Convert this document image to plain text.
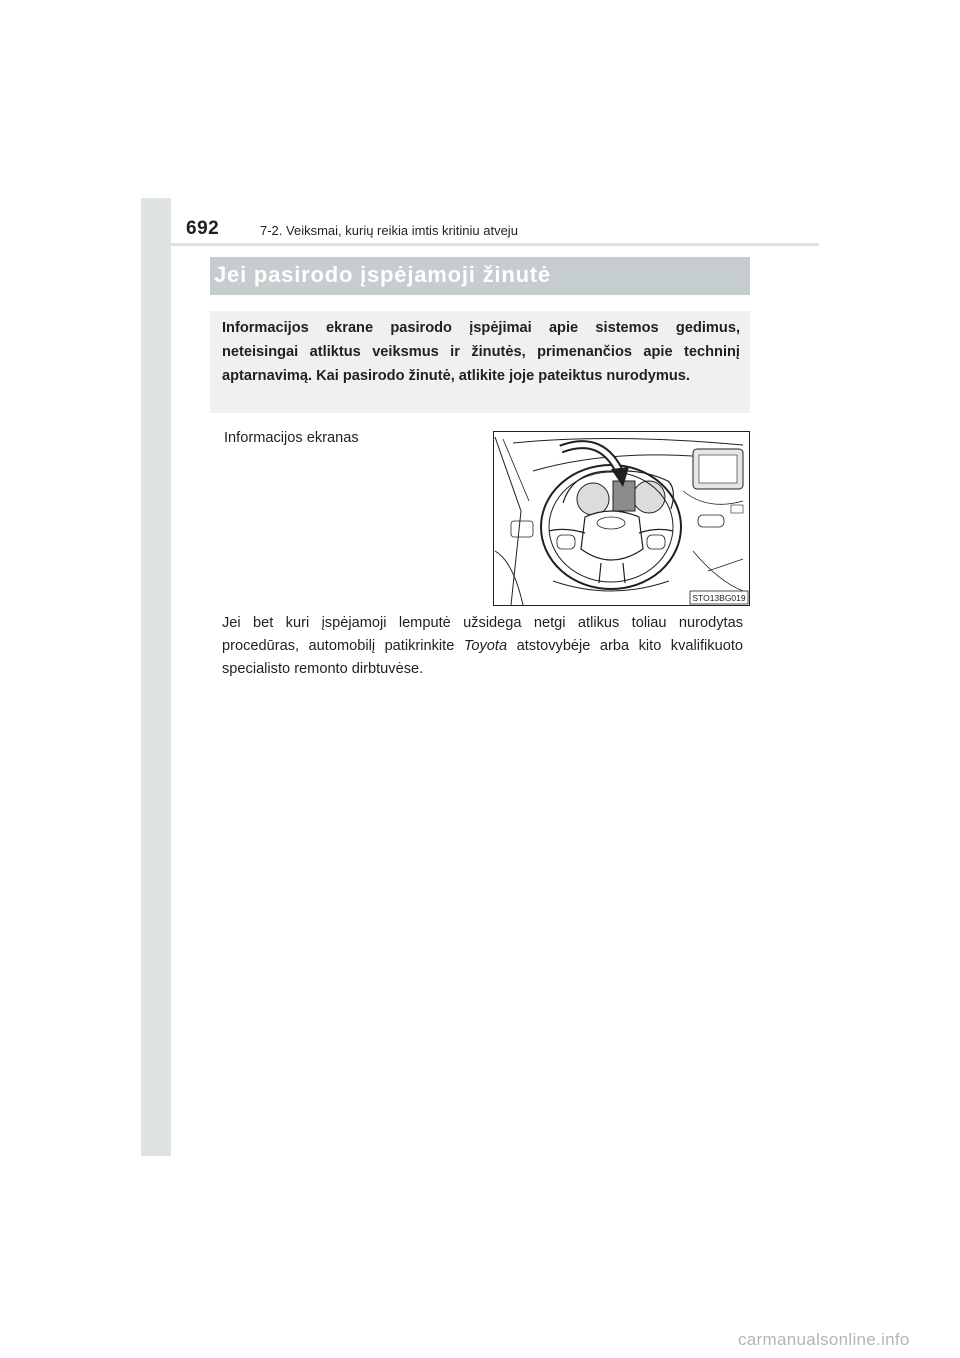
692	7-2. Veiksmai, kurių reikia imtis kritiniu atveju
Jei pasirodo įspėjamoji žinutė
Informacijos ekrane pasirodo įspėjimai apie sistemos gedimus, neteisingai atliktus veiksmus ir žinutės, primenančios apie techninį aptarnavimą. Kai pasirodo žinutė, atlikite joje pateiktus nurodymus.
Informacijos ekranas
STO13BG019
Jei bet kuri įspėjamoji lemputė užsidega netgi atlikus toliau nurodytas procedūras, automobilį patikrinkite Toyota atstovybėje arba kito kvalifikuoto specialisto remonto dirbtuvėse.
carmanualsonline.info
